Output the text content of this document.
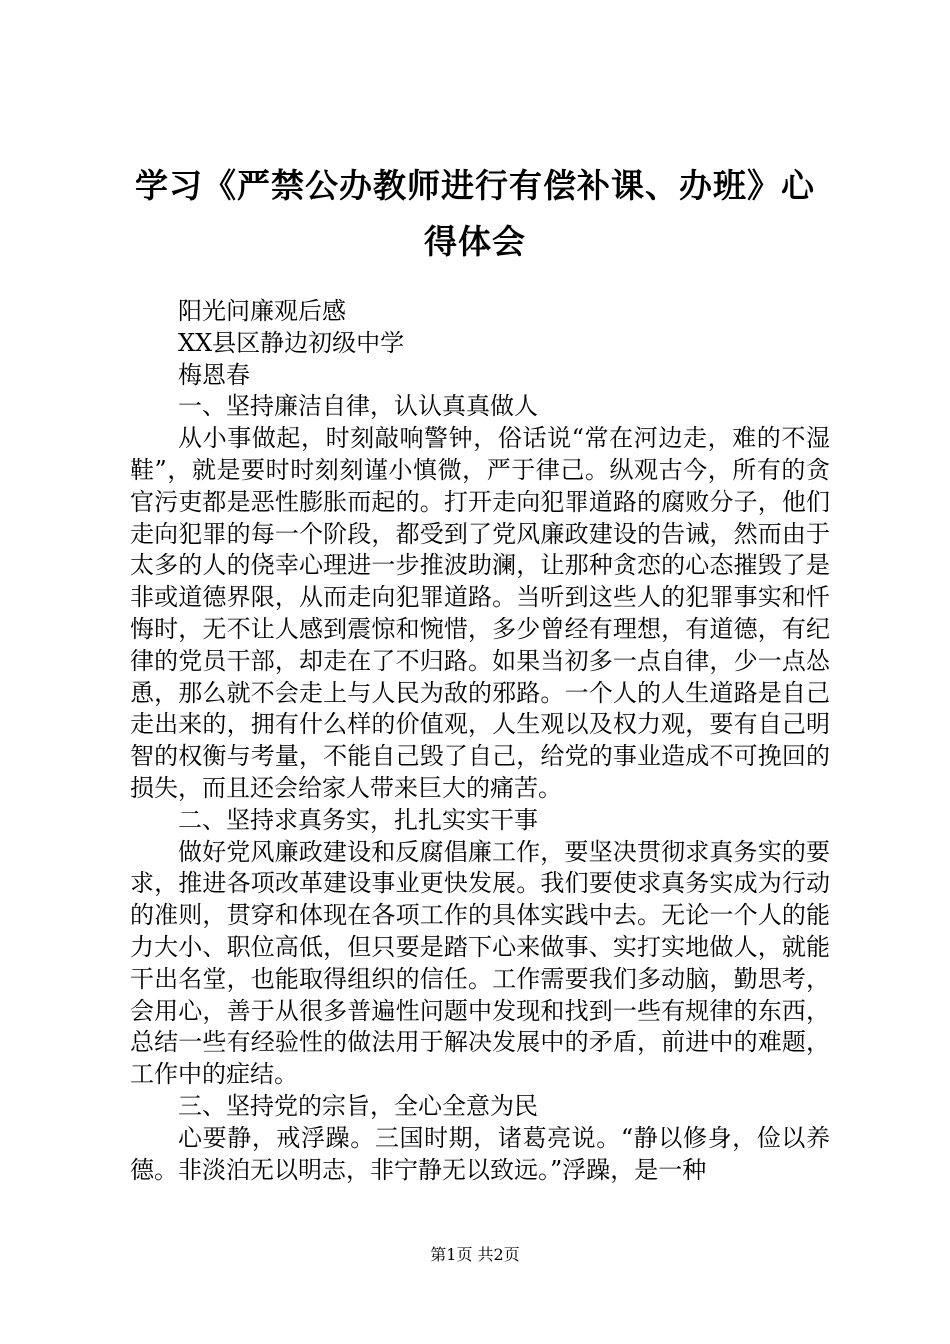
学习《严禁公办教师进行有偿补课、办班》心得体会

阳光问廉观后感

XX县区静边初级中学

梅恩春

一、坚持廉洁自律，认认真真做人

从小事做起，时刻敲响警钟，俗话说“常在河边走，难的不湿鞋”，就是要时时刻刻谨小慎微，严于律己。纵观古今，所有的贪官污吏都是恶性膨胀而起的。打开走向犯罪道路的腐败分子，他们走向犯罪的每一个阶段，都受到了党风廉政建设的告诫，然而由于太多的人的侥幸心理进一步推波助澜，让那种贪恋的心态摧毁了是非或道德界限，从而走向犯罪道路。当听到这些人的犯罪事实和忏悔时，无不让人感到震惊和惋惜，多少曾经有理想，有道德，有纪律的党员干部，却走在了不归路。如果当初多一点自律，少一点怂恿，那么就不会走上与人民为敌的邪路。一个人的人生道路是自己走出来的，拥有什么样的价值观，人生观以及权力观，要有自己明智的权衡与考量，不能自己毁了自己，给党的事业造成不可挽回的损失，而且还会给家人带来巨大的痛苦。

二、坚持求真务实，扎扎实实干事

做好党风廉政建设和反腐倡廉工作，要坚决贯彻求真务实的要求，推进各项改革建设事业更快发展。我们要使求真务实成为行动的准则，贯穿和体现在各项工作的具体实践中去。无论一个人的能力大小、职位高低，但只要是踏下心来做事、实打实地做人，就能干出名堂，也能取得组织的信任。工作需要我们多动脑，勤思考，会用心，善于从很多普遍性问题中发现和找到一些有规律的东西，总结一些有经验性的做法用于解决发展中的矛盾，前进中的难题，工作中的症结。

三、坚持党的宗旨，全心全意为民

心要静，戒浮躁。三国时期，诸葛亮说。“静以修身，俭以养德。非淡泊无以明志，非宁静无以致远。”浮躁，是一种

第1页 共2页
